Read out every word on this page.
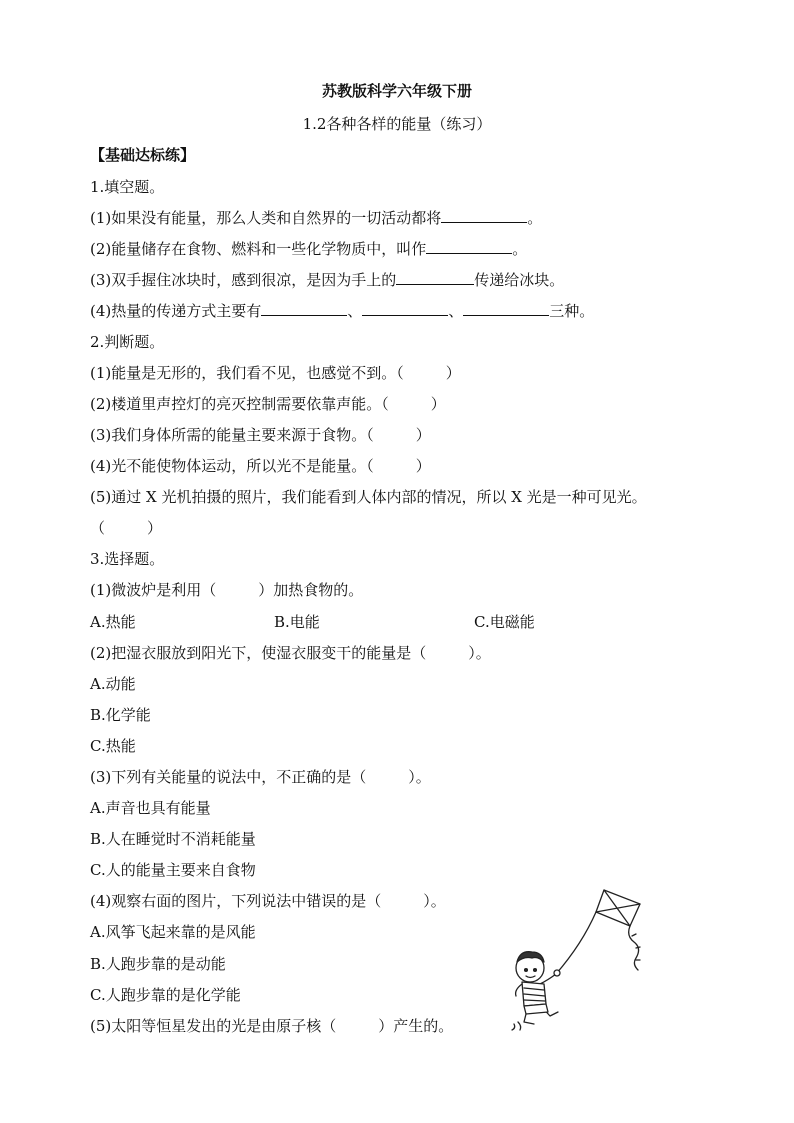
苏教版科学六年级下册
1.2各种各样的能量（练习）
【基础达标练】
1.填空题。
(1)如果没有能量，那么人类和自然界的一切活动都将	。
(2)能量储存在食物、燃料和一些化学物质中，叫作	。
(3)双手握住冰块时，感到很凉，是因为手上的	传递给冰块。
(4)热量的传递方式主要有	、	、	三种。
2.判断题。
(1)能量是无形的，我们看不见，也感觉不到。（	）
(2)楼道里声控灯的亮灭控制需要依靠声能。（	）
(3)我们身体所需的能量主要来源于食物。（	）
(4)光不能使物体运动，所以光不是能量。（	）
(5)通过 X 光机拍摄的照片，我们能看到人体内部的情况，所以 X 光是一种可见光。
（	）
3.选择题。
(1)微波炉是利用（	）加热食物的。
A.热能	B.电能	C.电磁能
(2)把湿衣服放到阳光下，使湿衣服变干的能量是（	）。
A.动能
B.化学能
C.热能
(3)下列有关能量的说法中，不正确的是（	）。
A.声音也具有能量
B.人在睡觉时不消耗能量
C.人的能量主要来自食物
(4)观察右面的图片，下列说法中错误的是（	）。
A.风筝飞起来靠的是风能
B.人跑步靠的是动能
C.人跑步靠的是化学能
(5)太阳等恒星发出的光是由原子核（	）产生的。
